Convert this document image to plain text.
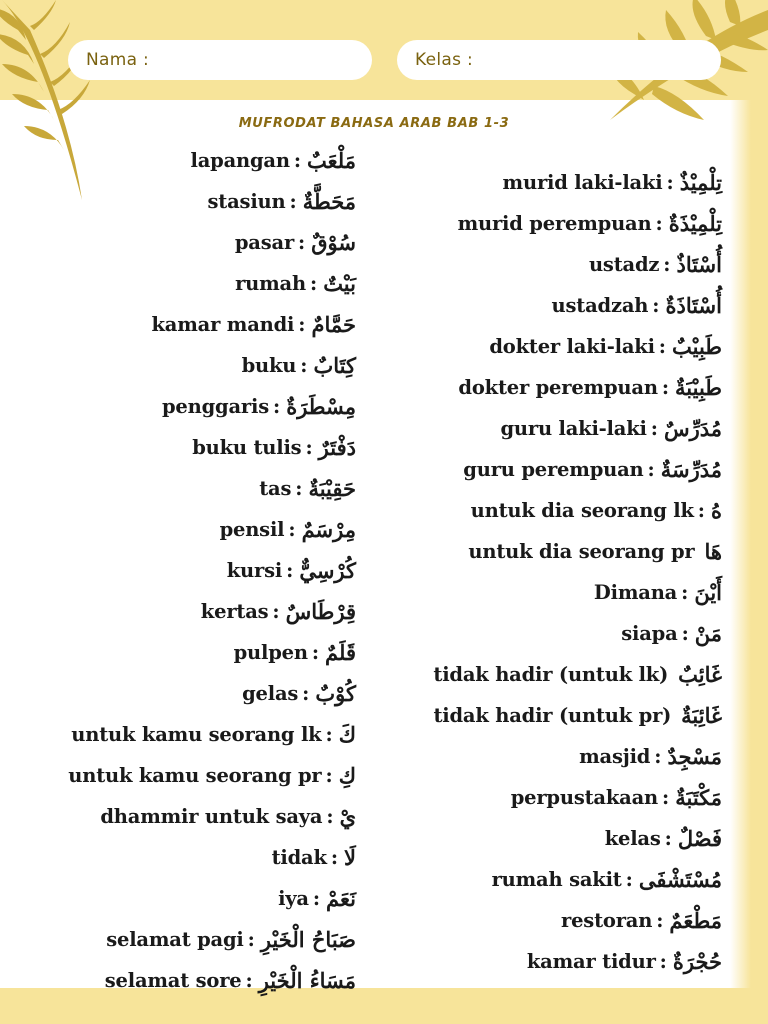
Nama :	Kelas :
MUFRODAT BAHASA ARAB BAB 1-3
lapangan : مَلْعَبٌ
stasiun : مَحَطَّةٌ
pasar : سُوْقٌ
rumah : بَيْتٌ
kamar mandi : حَمَّامٌ
buku : كِتَابٌ
penggaris : مِسْطَرَةٌ
buku tulis : دَفْتَرٌ
tas : حَقِيْبَةٌ
pensil : مِرْسَمٌ
kursi : كُرْسِيٌّ
kertas : قِرْطَاسٌ
pulpen : قَلَمٌ
gelas : كُوْبٌ
untuk kamu seorang lk : كَ
untuk kamu seorang pr : كِ
dhammir untuk saya : يْ
tidak : لَا
iya : نَعَمْ
selamat pagi : صَبَاحُ الْخَيْرِ
selamat sore : مَسَاءُ الْخَيْرِ
murid laki-laki : تِلْمِيْذٌ
murid perempuan : تِلْمِيْذَةٌ
ustadz : أُسْتَاذٌ
ustadzah : أُسْتَاذَةٌ
dokter laki-laki : طَبِيْبٌ
dokter perempuan : طَبِيْبَةٌ
guru laki-laki : مُدَرِّسٌ
guru perempuan : مُدَرِّسَةٌ
untuk dia seorang lk : هُ
untuk dia seorang pr هَا
Dimana : أَيْنَ
siapa : مَنْ
tidak hadir (untuk lk) غَائِبٌ
tidak hadir (untuk pr) غَائِبَةٌ
masjid : مَسْجِدٌ
perpustakaan : مَكْتَبَةٌ
kelas : فَصْلٌ
rumah sakit : مُسْتَشْفَى
restoran : مَطْعَمٌ
kamar tidur : حُجْرَةٌ
